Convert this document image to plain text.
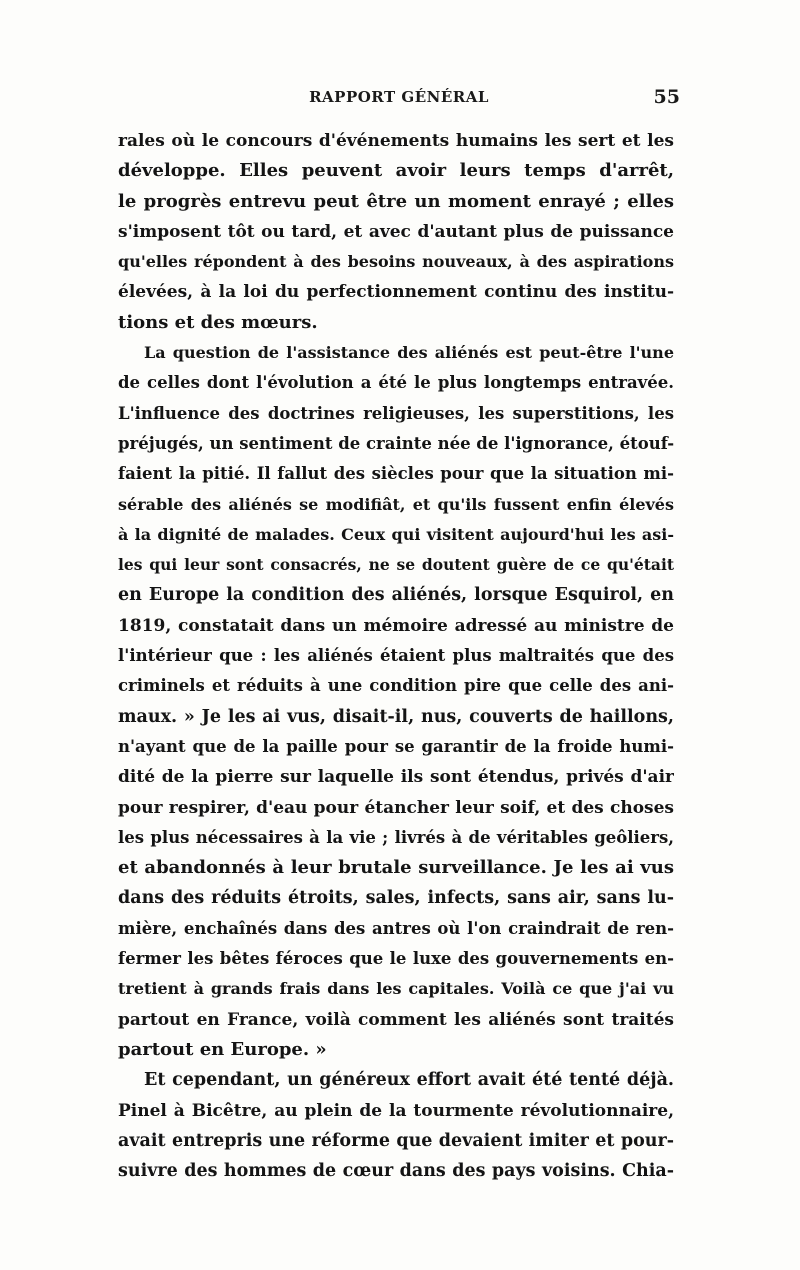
RAPPORT GÉNÉRAL	55

rales où le concours d'événements humains les sert et les
développe. Elles peuvent avoir leurs temps d'arrêt,
le progrès entrevu peut être un moment enrayé ; elles
s'imposent tôt ou tard, et avec d'autant plus de puissance
qu'elles répondent à des besoins nouveaux, à des aspirations
élevées, à la loi du perfectionnement continu des institu-
tions et des mœurs.

La question de l'assistance des aliénés est peut-être l'une
de celles dont l'évolution a été le plus longtemps entravée.
L'influence des doctrines religieuses, les superstitions, les
préjugés, un sentiment de crainte née de l'ignorance, étouf-
faient la pitié. Il fallut des siècles pour que la situation mi-
sérable des aliénés se modifiât, et qu'ils fussent enfin élevés
à la dignité de malades. Ceux qui visitent aujourd'hui les asi-
les qui leur sont consacrés, ne se doutent guère de ce qu'était
en Europe la condition des aliénés, lorsque Esquirol, en
1819, constatait dans un mémoire adressé au ministre de
l'intérieur que : les aliénés étaient plus maltraités que des
criminels et réduits à une condition pire que celle des ani-
maux. » Je les ai vus, disait-il, nus, couverts de haillons,
n'ayant que de la paille pour se garantir de la froide humi-
dité de la pierre sur laquelle ils sont étendus, privés d'air
pour respirer, d'eau pour étancher leur soif, et des choses
les plus nécessaires à la vie ; livrés à de véritables geôliers,
et abandonnés à leur brutale surveillance. Je les ai vus
dans des réduits étroits, sales, infects, sans air, sans lu-
mière, enchaînés dans des antres où l'on craindrait de ren-
fermer les bêtes féroces que le luxe des gouvernements en-
tretient à grands frais dans les capitales. Voilà ce que j'ai vu
partout en France, voilà comment les aliénés sont traités
partout en Europe. »

Et cependant, un généreux effort avait été tenté déjà.
Pinel à Bicêtre, au plein de la tourmente révolutionnaire,
avait entrepris une réforme que devaient imiter et pour-
suivre des hommes de cœur dans des pays voisins. Chia-
